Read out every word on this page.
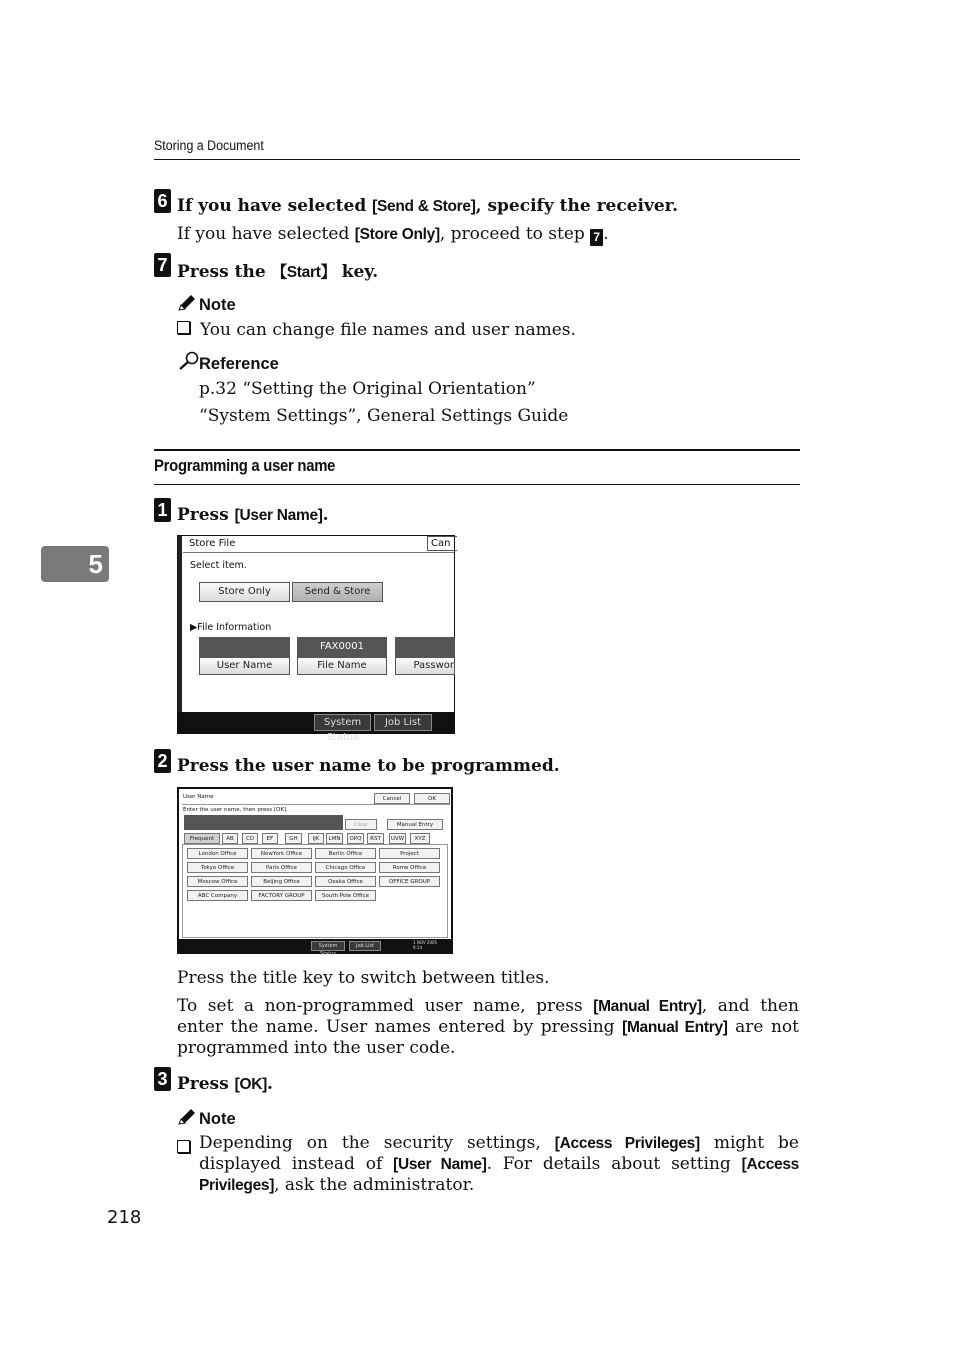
Storing a Document
5
6 If you have selected [Send & Store], specify the receiver.
If you have selected [Store Only], proceed to step 7 .
7 Press the 【Start】 key.
Note
You can change file names and user names.
Reference
p.32 “Setting the Original Orientation”
“System Settings”, General Settings Guide
Programming a user name
1 Press [User Name].
Store File	Can
Select item.
Store Only	Send & Store
▶File Information
User Name
FAX0001
File Name	Passwor
System Status
Job List
2 Press the user name to be programmed.
User Name	Cancel	OK
Enter the user name, then press [OK].
Clear	Manual Entry
Frequent	AB	CD	EF	GH	IJK	LMN	OPQ	RST	UVW	XYZ
London Office	NewYork Office	Berlin Office	Project
Tokyo Office	Paris Office	Chicago Office	Rome Office
Moscow Office	Beijing Office	Osaka Office	OFFICE GROUP
ABC Company	FACTORY GROUP	South Pole Office
System Status
Job List
1 NOV 2005
9:14
Press the title key to switch between titles.
To set a non-programmed user name, press [Manual Entry], and then enter the name. User names entered by pressing [Manual Entry] are not programmed into the user code.
3 Press [OK].
Note
Depending on the security settings, [Access Privileges] might be displayed instead of [User Name]. For details about setting [Access Privileges], ask the administrator.
218
